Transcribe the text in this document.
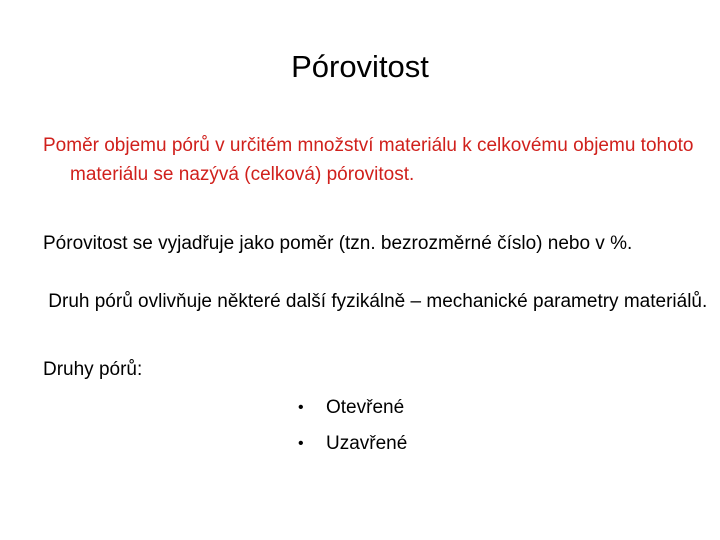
Pórovitost

Poměr objemu pórů v určitém množství materiálu k celkovému objemu tohoto materiálu se nazývá (celková) pórovitost.

Pórovitost se vyjadřuje jako poměr (tzn. bezrozměrné číslo) nebo v %.

Druh pórů ovlivňuje některé další fyzikálně – mechanické parametry materiálů.

Druhy pórů:

•	Otevřené
•	Uzavřené
